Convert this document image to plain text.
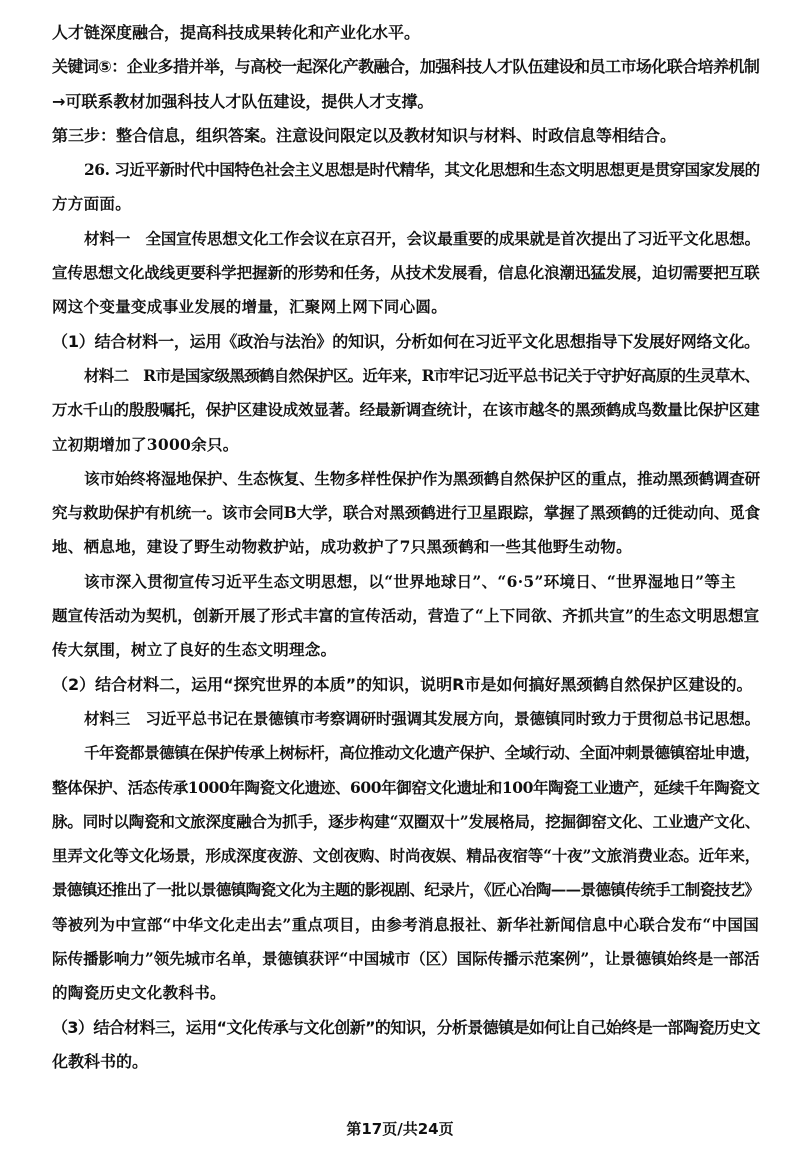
人才链深度融合，提高科技成果转化和产业化水平。
关键词⑤：企业多措并举，与高校一起深化产教融合，加强科技人才队伍建设和员工市场化联合培养机制
→可联系教材加强科技人才队伍建设，提供人才支撑。
第三步：整合信息，组织答案。注意设问限定以及教材知识与材料、时政信息等相结合。
26. 习近平新时代中国特色社会主义思想是时代精华，其文化思想和生态文明思想更是贯穿国家发展的
方方面面。
材料一　全国宣传思想文化工作会议在京召开，会议最重要的成果就是首次提出了习近平文化思想。
宣传思想文化战线更要科学把握新的形势和任务，从技术发展看，信息化浪潮迅猛发展，迫切需要把互联
网这个变量变成事业发展的增量，汇聚网上网下同心圆。
（1）结合材料一，运用《政治与法治》的知识，分析如何在习近平文化思想指导下发展好网络文化。
材料二　R市是国家级黑颈鹤自然保护区。近年来，R市牢记习近平总书记关于守护好高原的生灵草木、
万水千山的殷殷嘱托，保护区建设成效显著。经最新调查统计，在该市越冬的黑颈鹤成鸟数量比保护区建
立初期增加了3000余只。
该市始终将湿地保护、生态恢复、生物多样性保护作为黑颈鹤自然保护区的重点，推动黑颈鹤调查研
究与救助保护有机统一。该市会同B大学，联合对黑颈鹤进行卫星跟踪，掌握了黑颈鹤的迁徙动向、觅食
地、栖息地，建设了野生动物救护站，成功救护了7只黑颈鹤和一些其他野生动物。
该市深入贯彻宣传习近平生态文明思想，以“世界地球日”、“6·5”环境日、“世界湿地日”等主
题宣传活动为契机，创新开展了形式丰富的宣传活动，营造了“上下同欲、齐抓共宣”的生态文明思想宣
传大氛围，树立了良好的生态文明理念。
（2）结合材料二，运用“探究世界的本质”的知识，说明R市是如何搞好黑颈鹤自然保护区建设的。
材料三　习近平总书记在景德镇市考察调研时强调其发展方向，景德镇同时致力于贯彻总书记思想。
千年瓷都景德镇在保护传承上树标杆，高位推动文化遗产保护、全域行动、全面冲刺景德镇窑址申遗，
整体保护、活态传承1000年陶瓷文化遗迹、600年御窑文化遗址和100年陶瓷工业遗产，延续千年陶瓷文
脉。同时以陶瓷和文旅深度融合为抓手，逐步构建“双圈双十”发展格局，挖掘御窑文化、工业遗产文化、
里弄文化等文化场景，形成深度夜游、文创夜购、时尚夜娱、精品夜宿等“十夜”文旅消费业态。近年来，
景德镇还推出了一批以景德镇陶瓷文化为主题的影视剧、纪录片，《匠心冶陶——景德镇传统手工制瓷技艺》
等被列为中宣部“中华文化走出去”重点项目，由参考消息报社、新华社新闻信息中心联合发布“中国国
际传播影响力”领先城市名单，景德镇获评“中国城市（区）国际传播示范案例”，让景德镇始终是一部活
的陶瓷历史文化教科书。
（3）结合材料三，运用“文化传承与文化创新”的知识，分析景德镇是如何让自己始终是一部陶瓷历史文
化教科书的。
第17页/共24页
